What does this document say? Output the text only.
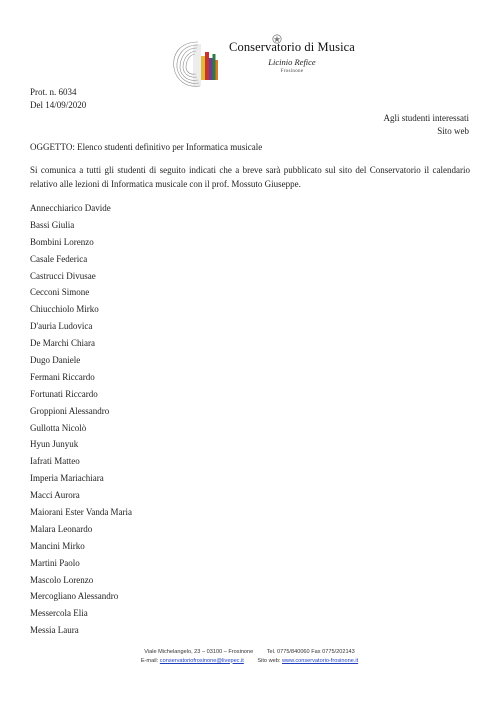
Conservatorio di Musica
Licinio Refice
Frosinone
Prot. n. 6034
Del 14/09/2020
Agli studenti interessati
Sito web
OGGETTO: Elenco studenti definitivo per Informatica musicale

Si comunica a tutti gli studenti di seguito indicati che a breve sarà pubblicato sul sito del Conservatorio il calendario relativo alle lezioni di Informatica musicale con il prof. Mossuto Giuseppe.

Annecchiarico Davide
Bassi Giulia
Bombini Lorenzo
Casale Federica
Castrucci Divusae
Cecconi Simone
Chiucchiolo Mirko
D'auria Ludovica
De Marchi Chiara
Dugo Daniele
Fermani Riccardo
Fortunati Riccardo
Groppioni Alessandro
Gullotta Nicolò
Hyun Junyuk
Iafrati Matteo
Imperia Mariachiara
Macci Aurora
Maiorani Ester Vanda Maria
Malara Leonardo
Mancini Mirko
Martini Paolo
Mascolo Lorenzo
Mercogliano Alessandro
Messercola Elia
Messia Laura
Viale Michelangelo, 23 – 03100 – Frosinone Tel. 0775/840060 Fax 0775/202143
E-mail: conservatoriofrosinone@livepec.it Sito web: www.conservatorio-frosinone.it
